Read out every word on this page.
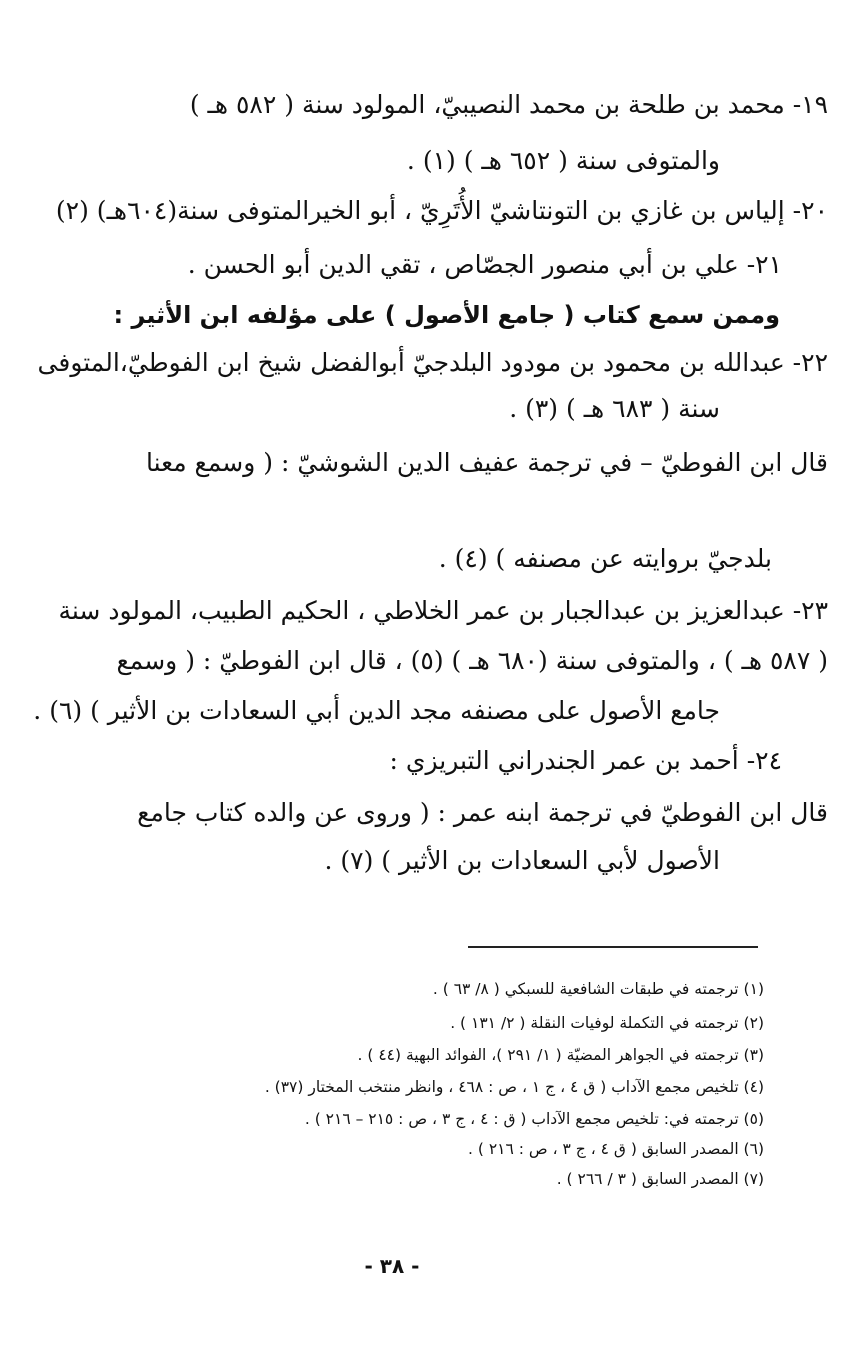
١٩- محمد بن طلحة بن محمد النصيبيّ، المولود سنة ( ٥٨٢ هـ )
والمتوفى سنة ( ٦٥٢ هـ ) (١) .
٢٠- إلياس بن غازي بن التونتاشيّ الأُتَرِيّ ، أبو الخيرالمتوفى سنة(٦٠٤هـ) (٢)
٢١- علي بن أبي منصور الجصّاص ، تقي الدين أبو الحسن .
وممن سمع كتاب ( جامع الأصول ) على مؤلفه ابن الأثير :
٢٢- عبدالله بن محمود بن مودود البلدجيّ أبوالفضل شيخ ابن الفوطيّ،المتوفى
سنة ( ٦٨٣ هـ ) (٣) .
قال ابن الفوطيّ – في ترجمة عفيف الدين الشوشيّ : ( وسمع معنا
بلدجيّ بروايته عن مصنفه ) (٤) .
٢٣- عبدالعزيز بن عبدالجبار بن عمر الخلاطي ، الحكيم الطبيب، المولود سنة
( ٥٨٧ هـ ) ، والمتوفى سنة (٦٨٠ هـ ) (٥) ، قال ابن الفوطيّ : ( وسمع
جامع الأصول على مصنفه مجد الدين أبي السعادات بن الأثير ) (٦) .
٢٤- أحمد بن عمر الجندراني التبريزي :
قال ابن الفوطيّ في ترجمة ابنه عمر : ( وروى عن والده كتاب جامع
الأصول لأبي السعادات بن الأثير ) (٧) .
(١) ترجمته في طبقات الشافعية للسبكي ( ٨/ ٦٣ ) .
(٢) ترجمته في التكملة لوفيات النقلة ( ٢/ ١٣١ ) .
(٣) ترجمته في الجواهر المضيّة ( ١/ ٢٩١ )، الفوائد البهية (٤٤ ) .
(٤) تلخيص مجمع الآداب ( ق ٤ ، ج ١ ، ص : ٤٦٨ ، وانظر منتخب المختار (٣٧) .
(٥) ترجمته في: تلخيص مجمع الآداب ( ق : ٤ ، ج ٣ ، ص : ٢١٥ – ٢١٦ ) .
(٦) المصدر السابق ( ق ٤ ، ج ٣ ، ص : ٢١٦ ) .
(٧) المصدر السابق ( ٣ / ٢٦٦ ) .
- ٣٨ -
